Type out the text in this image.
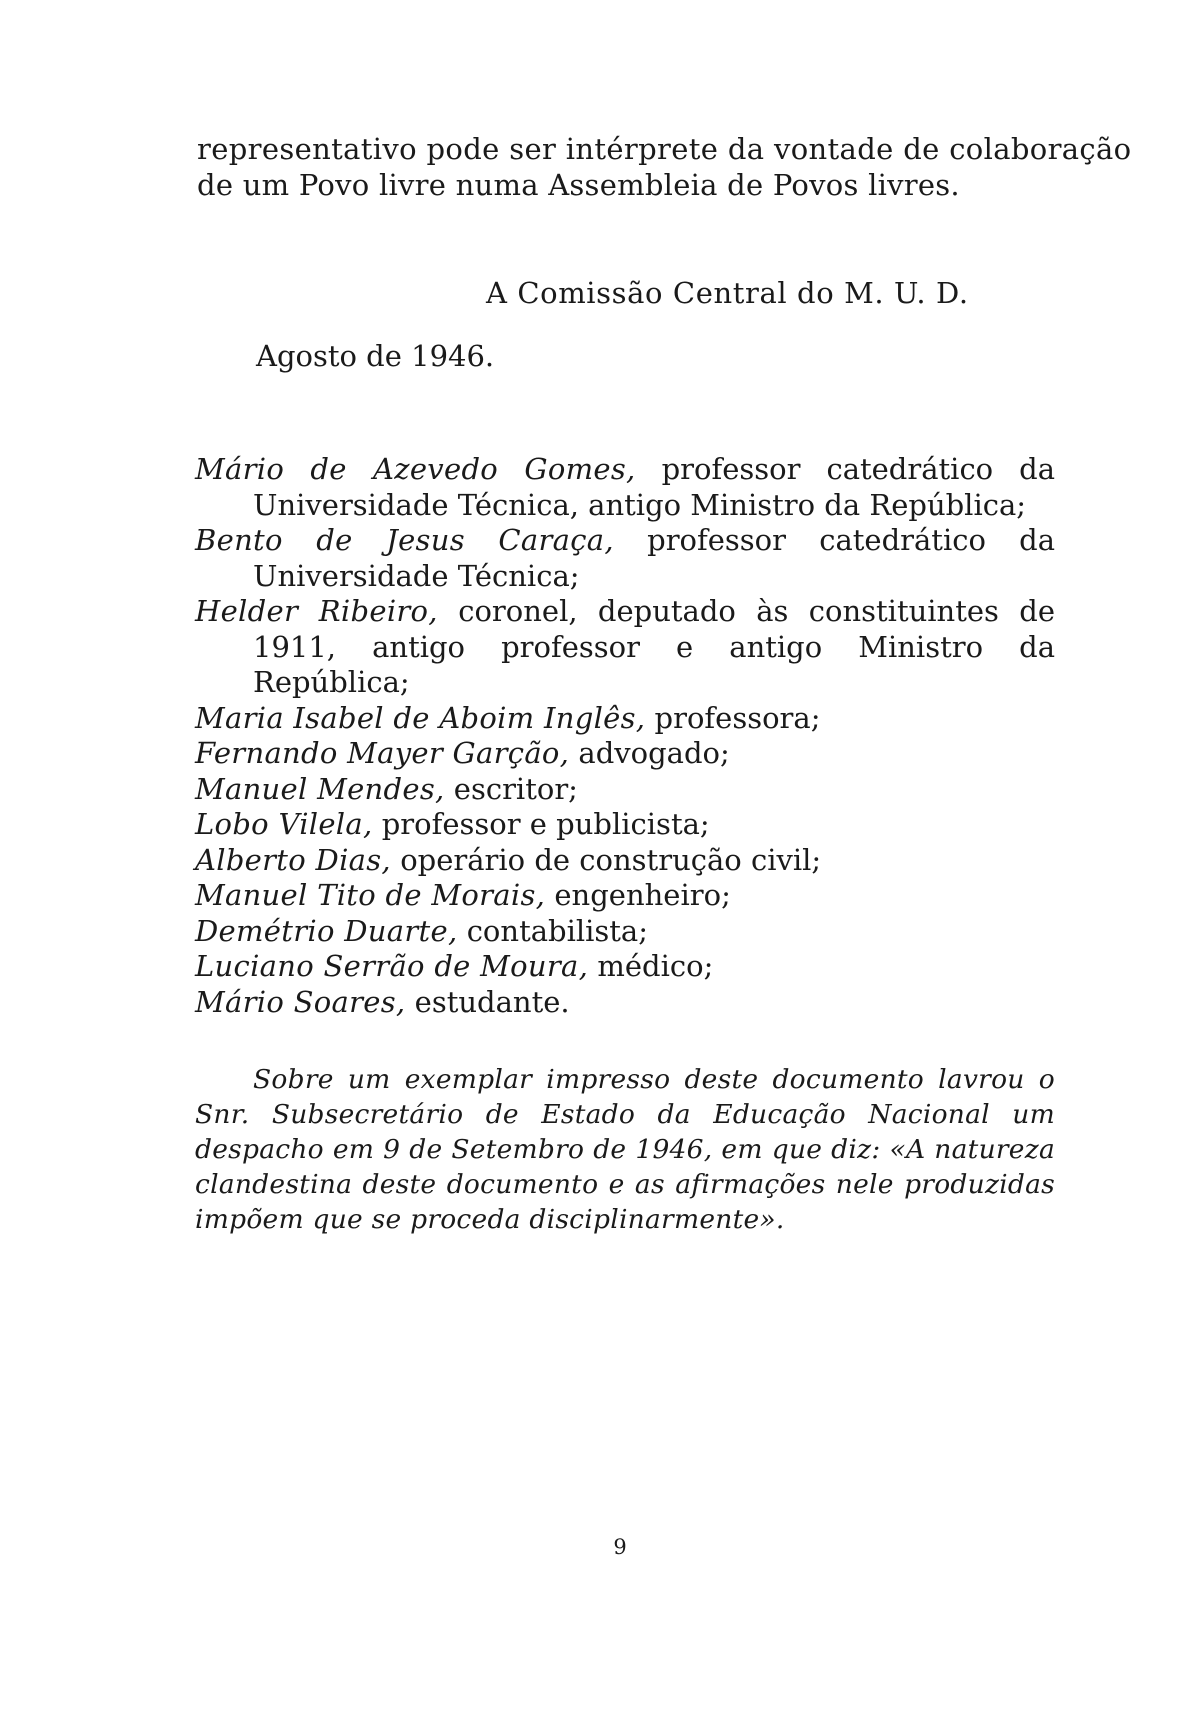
representativo pode ser intérprete da vontade de colaboração
de um Povo livre numa Assembleia de Povos livres.
A Comissão Central do M. U. D.
Agosto de 1946.
Mário de Azevedo Gomes, professor catedrático da Universidade Técnica, antigo Ministro da República;
Bento de Jesus Caraça, professor catedrático da Universidade Técnica;
Helder Ribeiro, coronel, deputado às constituintes de 1911, antigo professor e antigo Ministro da República;
Maria Isabel de Aboim Inglês, professora;
Fernando Mayer Garção, advogado;
Manuel Mendes, escritor;
Lobo Vilela, professor e publicista;
Alberto Dias, operário de construção civil;
Manuel Tito de Morais, engenheiro;
Demétrio Duarte, contabilista;
Luciano Serrão de Moura, médico;
Mário Soares, estudante.

Sobre um exemplar impresso deste documento lavrou o Snr. Subsecretário de Estado da Educação Nacional um despacho em 9 de Setembro de 1946, em que diz: «A natureza clandestina deste documento e as afirmações nele produzidas impõem que se proceda disciplinarmente».

9
